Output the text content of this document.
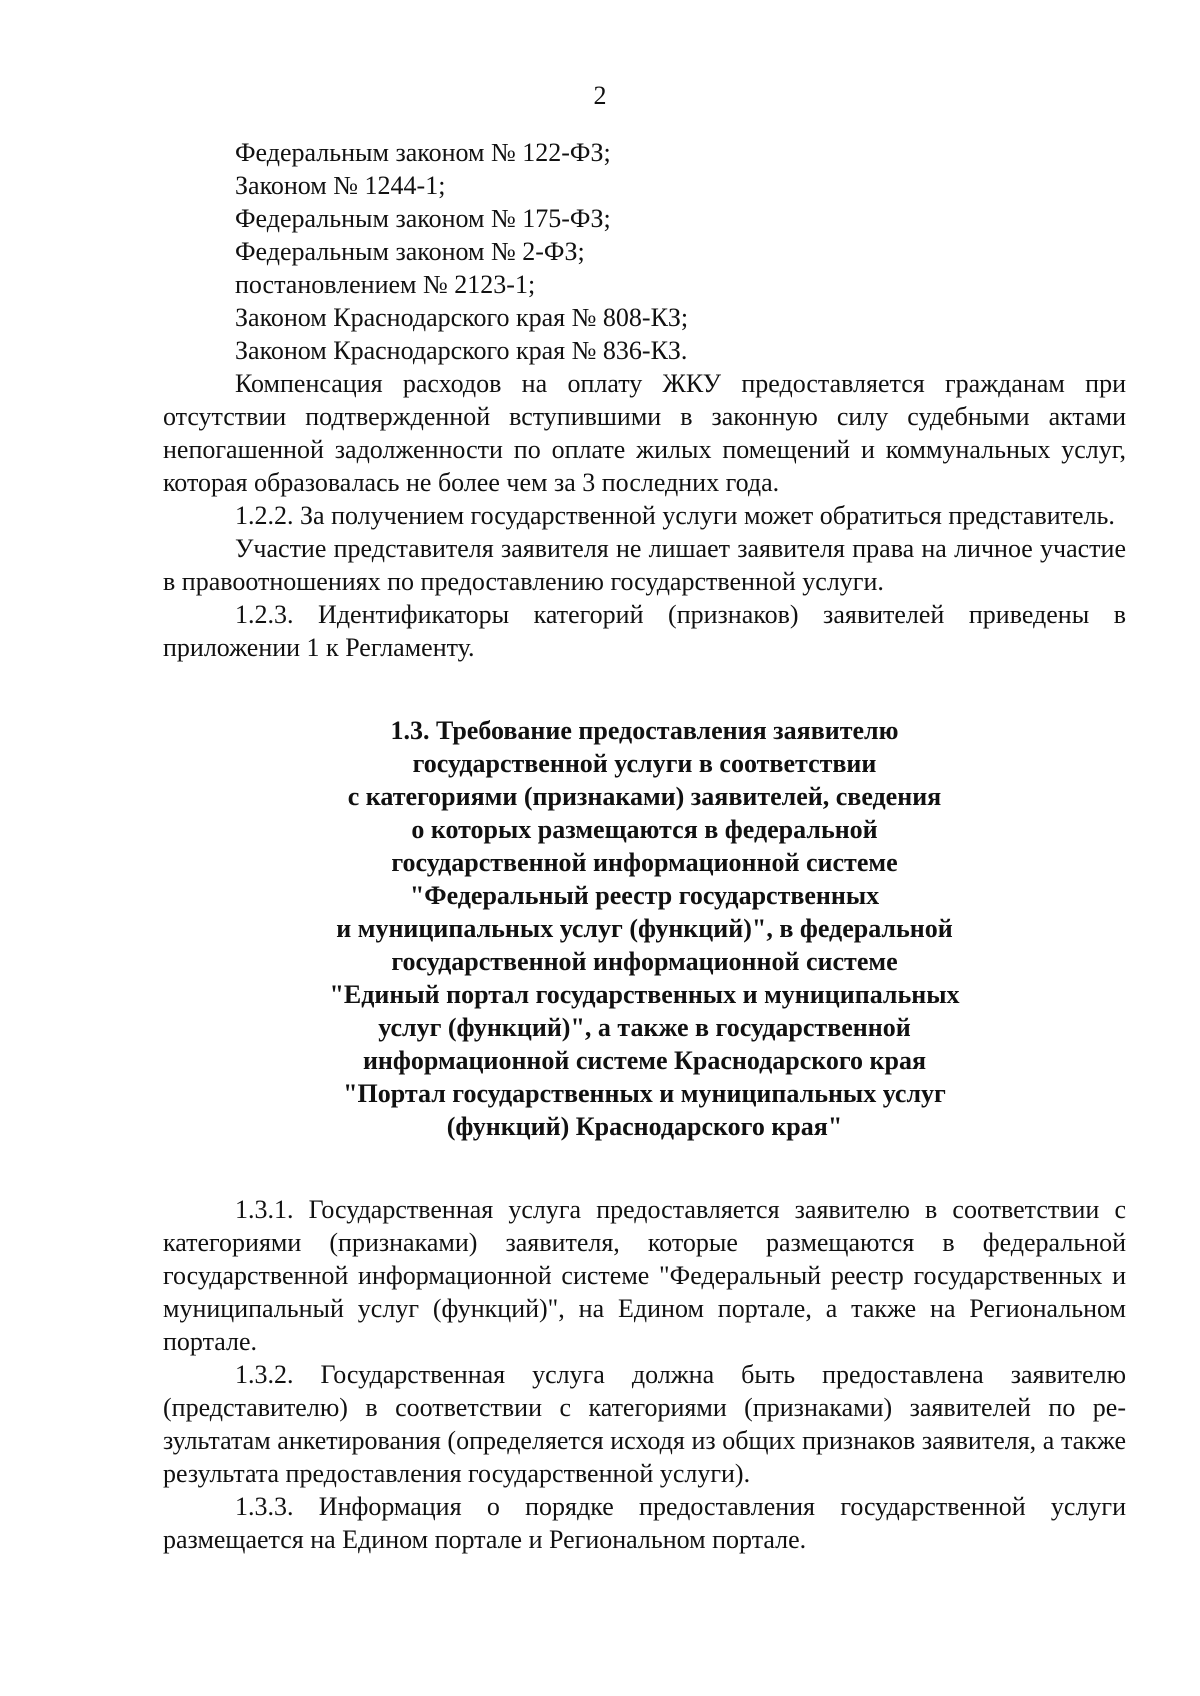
2
Федеральным законом № 122-ФЗ;
Законом № 1244-1;
Федеральным законом № 175-ФЗ;
Федеральным законом № 2-ФЗ;
постановлением № 2123-1;
Законом Краснодарского края № 808-КЗ;
Законом Краснодарского края № 836-КЗ.

Компенсация расходов на оплату ЖКУ предоставляется гражданам при отсутствии подтвержденной вступившими в законную силу судебными актами непогашенной задолженности по оплате жилых помещений и коммунальных услуг, которая образовалась не более чем за 3 последних года.

1.2.2. За получением государственной услуги может обратиться представитель.

Участие представителя заявителя не лишает заявителя права на личное участие в правоотношениях по предоставлению государственной услуги.

1.2.3. Идентификаторы категорий (признаков) заявителей приведены в приложении 1 к Регламенту.

1.3. Требование предоставления заявителю
государственной услуги в соответствии
с категориями (признаками) заявителей, сведения
о которых размещаются в федеральной
государственной информационной системе
"Федеральный реестр государственных
и муниципальных услуг (функций)", в федеральной
государственной информационной системе
"Единый портал государственных и муниципальных
услуг (функций)", а также в государственной
информационной системе Краснодарского края
"Портал государственных и муниципальных услуг
(функций) Краснодарского края"

1.3.1. Государственная услуга предоставляется заявителю в соответствии с категориями (признаками) заявителя, которые размещаются в федеральной государственной информационной системе "Федеральный реестр государственных и муниципальный услуг (функций)", на Едином портале, а также на Региональном портале.

1.3.2. Государственная услуга должна быть предоставлена заявителю (представителю) в соответствии с категориями (признаками) заявителей по результатам анкетирования (определяется исходя из общих признаков заявителя, а также результата предоставления государственной услуги).

1.3.3. Информация о порядке предоставления государственной услуги размещается на Едином портале и Региональном портале.
